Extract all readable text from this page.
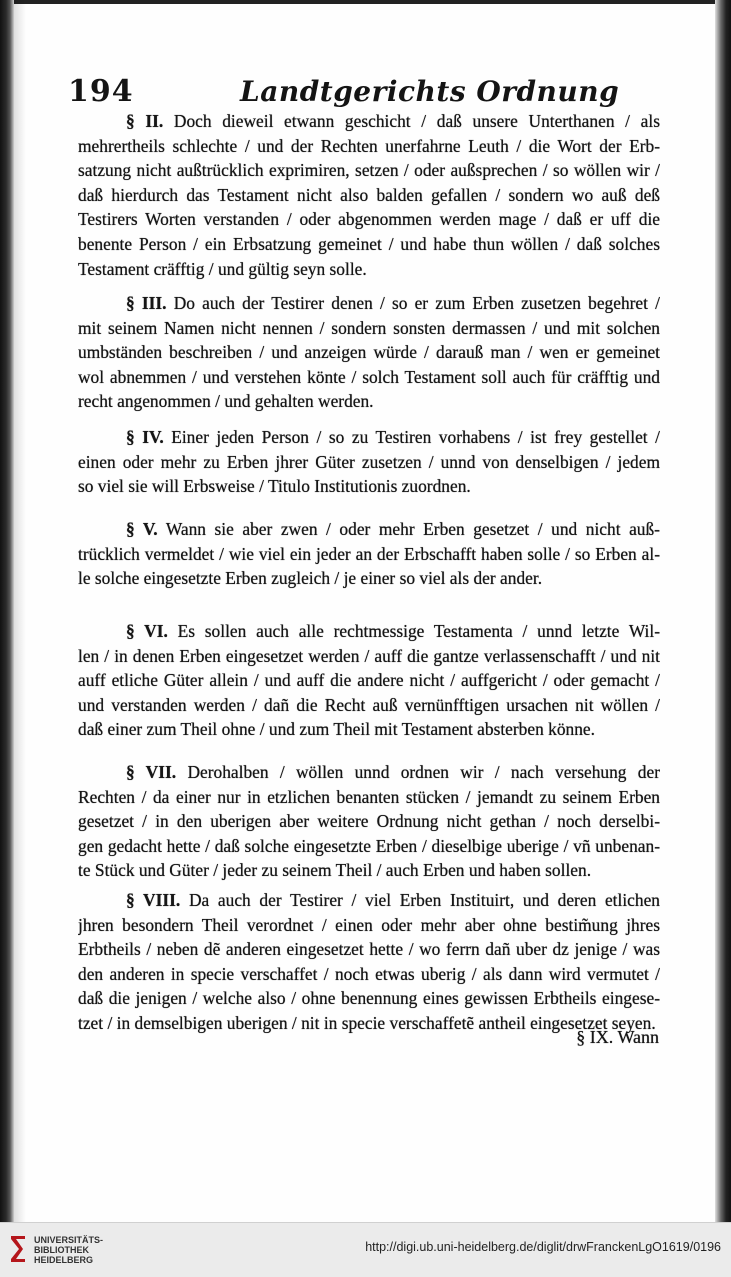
194	Landtgerichts Ordnung
§ II. Doch dieweil etwann geschicht / daß unsere Unterthanen / als
mehrertheils schlechte / und der Rechten unerfahrne Leuth / die Wort der Erb-
satzung nicht außtrücklich exprimiren, setzen / oder außsprechen / so wöllen wir /
daß hierdurch das Testament nicht also balden gefallen / sondern wo auß deß
Testirers Worten verstanden / oder abgenommen werden mage / daß er uff die
benente Person / ein Erbsatzung gemeinet / und habe thun wöllen / daß solches
Testament cräfftig / und gültig seyn solle.
§ III. Do auch der Testirer denen / so er zum Erben zusetzen begehret /
mit seinem Namen nicht nennen / sondern sonsten dermassen / und mit solchen
umbständen beschreiben / und anzeigen würde / darauß man / wen er gemeinet
wol abnemmen / und verstehen könte / solch Testament soll auch für cräfftig und
recht angenommen / und gehalten werden.
§ IV. Einer jeden Person / so zu Testiren vorhabens / ist frey gestellet /
einen oder mehr zu Erben jhrer Güter zusetzen / unnd von denselbigen / jedem
so viel sie will Erbsweise / Titulo Institutionis zuordnen.
§ V. Wann sie aber zwen / oder mehr Erben gesetzet / und nicht auß-
trücklich vermeldet / wie viel ein jeder an der Erbschafft haben solle / so Erben al-
le solche eingesetzte Erben zugleich / je einer so viel als der ander.
§ VI. Es sollen auch alle rechtmessige Testamenta / unnd letzte Wil-
len / in denen Erben eingesetzet werden / auff die gantze verlassenschafft / und nit
auff etliche Güter allein / und auff die andere nicht / auffgericht / oder gemacht /
und verstanden werden / dañ die Recht auß vernünfftigen ursachen nit wöllen /
daß einer zum Theil ohne / und zum Theil mit Testament absterben könne.
§ VII. Derohalben / wöllen unnd ordnen wir / nach versehung der
Rechten / da einer nur in etzlichen benanten stücken / jemandt zu seinem Erben
gesetzet / in den uberigen aber weitere Ordnung nicht gethan / noch derselbi-
gen gedacht hette / daß solche eingesetzte Erben / dieselbige uberige / vñ unbenan-
te Stück und Güter / jeder zu seinem Theil / auch Erben und haben sollen.
§ VIII. Da auch der Testirer / viel Erben Instituirt, und deren etlichen
jhren besondern Theil verordnet / einen oder mehr aber ohne bestim̃ung jhres
Erbtheils / neben dẽ anderen eingesetzet hette / wo ferrn dañ uber dz jenige / was
den anderen in specie verschaffet / noch etwas uberig / als dann wird vermutet /
daß die jenigen / welche also / ohne benennung eines gewissen Erbtheils eingese-
tzet / in demselbigen uberigen / nit in specie verschaffetẽ antheil eingesetzet seyen.
§ IX. Wann
UNIVERSITÄTS-
BIBLIOTHEK
HEIDELBERG
http://digi.ub.uni-heidelberg.de/diglit/drwFranckenLgO1619/0196
